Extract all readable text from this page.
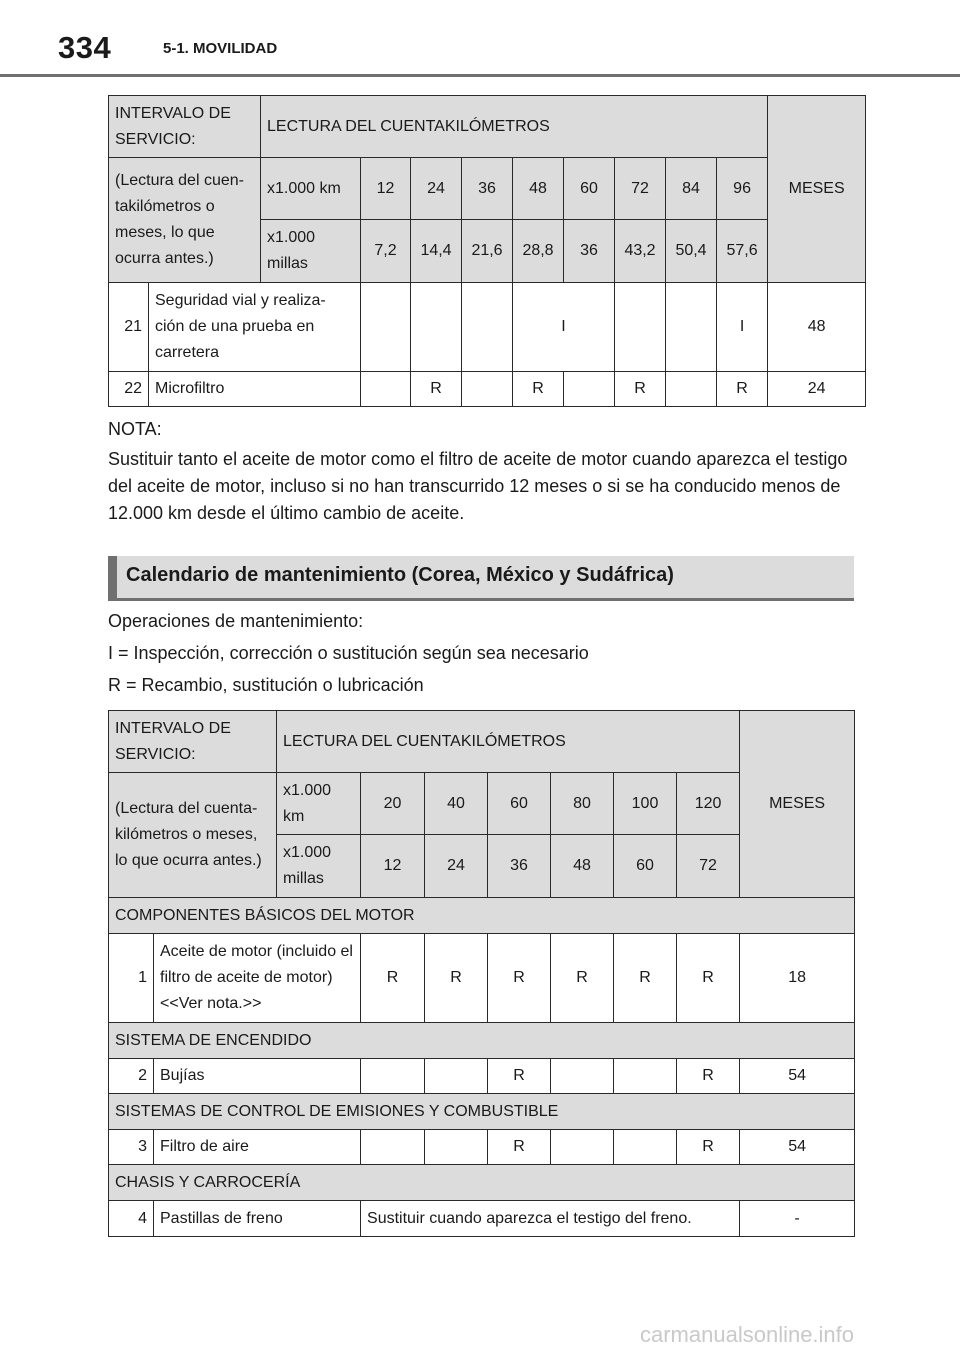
334	5-1. MOVILIDAD
INTERVALO DE SERVICIO:		LECTURA DEL CUENTAKILÓMETROS									MESES
(Lectura del cuen-takilómetros o meses, lo que ocurra antes.)		x1.000 km	12	24	36	48	60	72	84	96	
		x1.000 millas	7,2	14,4	21,6	28,8	36	43,2	50,4	57,6	
21	Seguridad vial y realiza-ción de una prueba en carretera					I				I	48
22	Microfiltro			R		R		R		R	24
NOTA:
Sustituir tanto el aceite de motor como el filtro de aceite de motor cuando aparezca el testigo del aceite de motor, incluso si no han transcurrido 12 meses o si se ha conducido menos de 12.000 km desde el último cambio de aceite.
Calendario de mantenimiento (Corea, México y Sudáfrica)
Operaciones de mantenimiento:
I = Inspección, corrección o sustitución según sea necesario
R = Recambio, sustitución o lubricación
INTERVALO DE SERVICIO:		LECTURA DEL CUENTAKILÓMETROS							MESES
(Lectura del cuenta-kilómetros o meses, lo que ocurra antes.)		x1.000 km	20	40	60	80	100	120	
		x1.000 millas	12	24	36	48	60	72	
COMPONENTES BÁSICOS DEL MOTOR									
1	Aceite de motor (incluido el filtro de aceite de motor) <<Ver nota.>>		R	R	R	R	R	R	18
SISTEMA DE ENCENDIDO									
2	Bujías				R			R	54
SISTEMAS DE CONTROL DE EMISIONES Y COMBUSTIBLE									
3	Filtro de aire				R			R	54
CHASIS Y CARROCERÍA									
4	Pastillas de freno		Sustituir cuando aparezca el testigo del freno.						-
carmanualsonline.info
